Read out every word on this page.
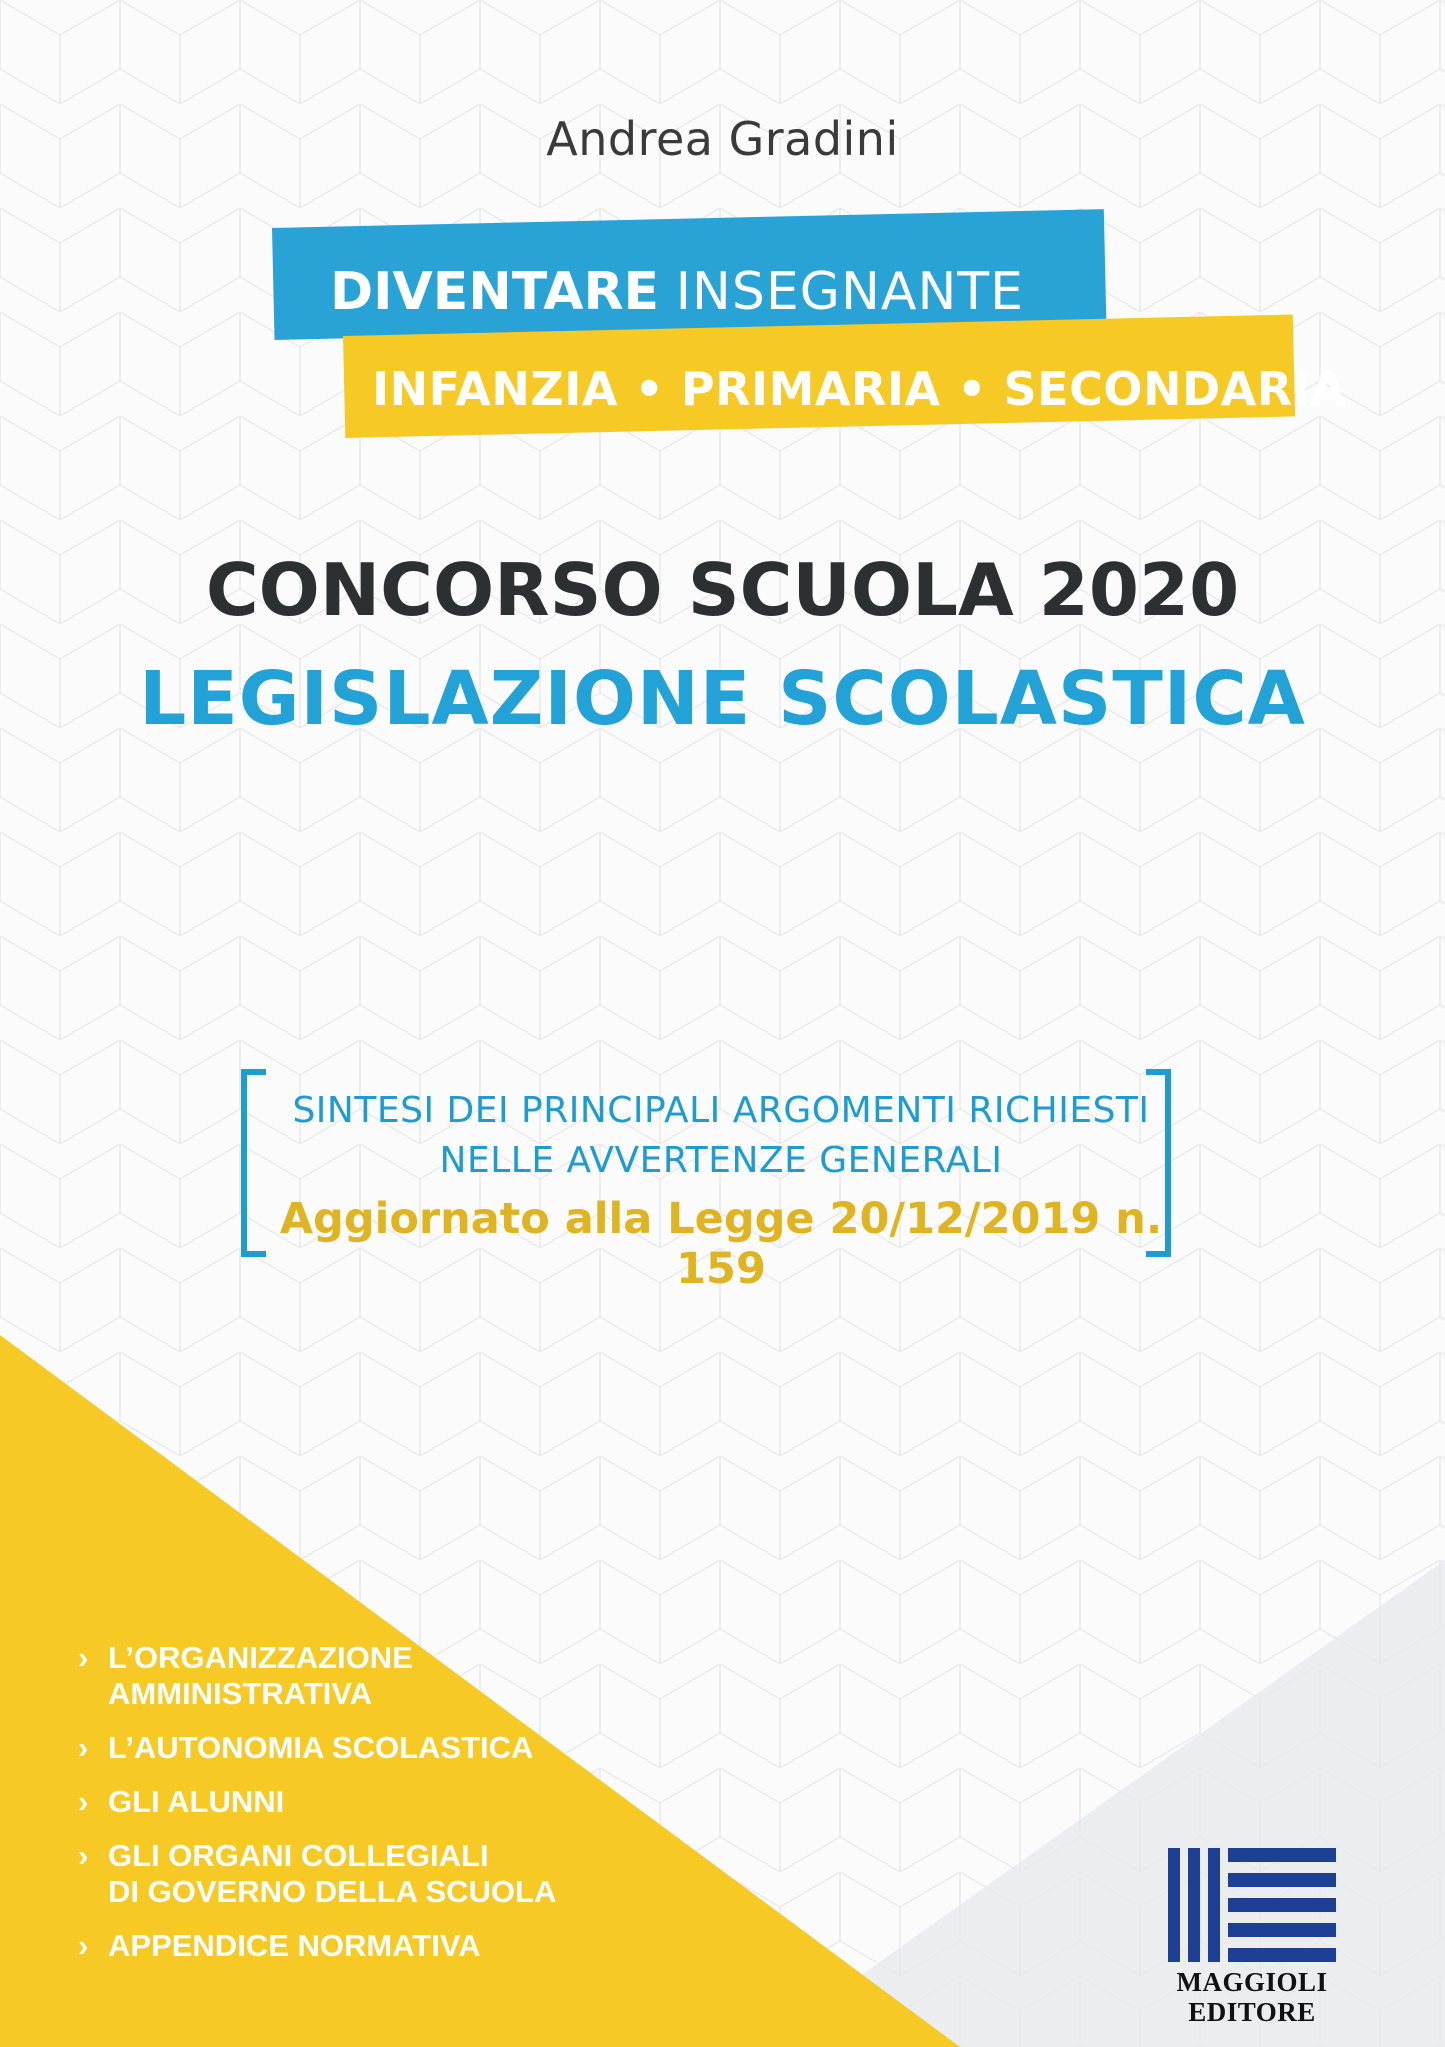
Andrea Gradini
DIVENTARE INSEGNANTE
INFANZIA • PRIMARIA • SECONDARIA
CONCORSO SCUOLA 2020
LEGISLAZIONE SCOLASTICA
SINTESI DEI PRINCIPALI ARGOMENTI RICHIESTI
NELLE AVVERTENZE GENERALI
Aggiornato alla Legge 20/12/2019 n. 159
› L’ORGANIZZAZIONE
AMMINISTRATIVA
› L’AUTONOMIA SCOLASTICA
› GLI ALUNNI
› GLI ORGANI COLLEGIALI
DI GOVERNO DELLA SCUOLA
› APPENDICE NORMATIVA
MAGGIOLI
EDITORE
